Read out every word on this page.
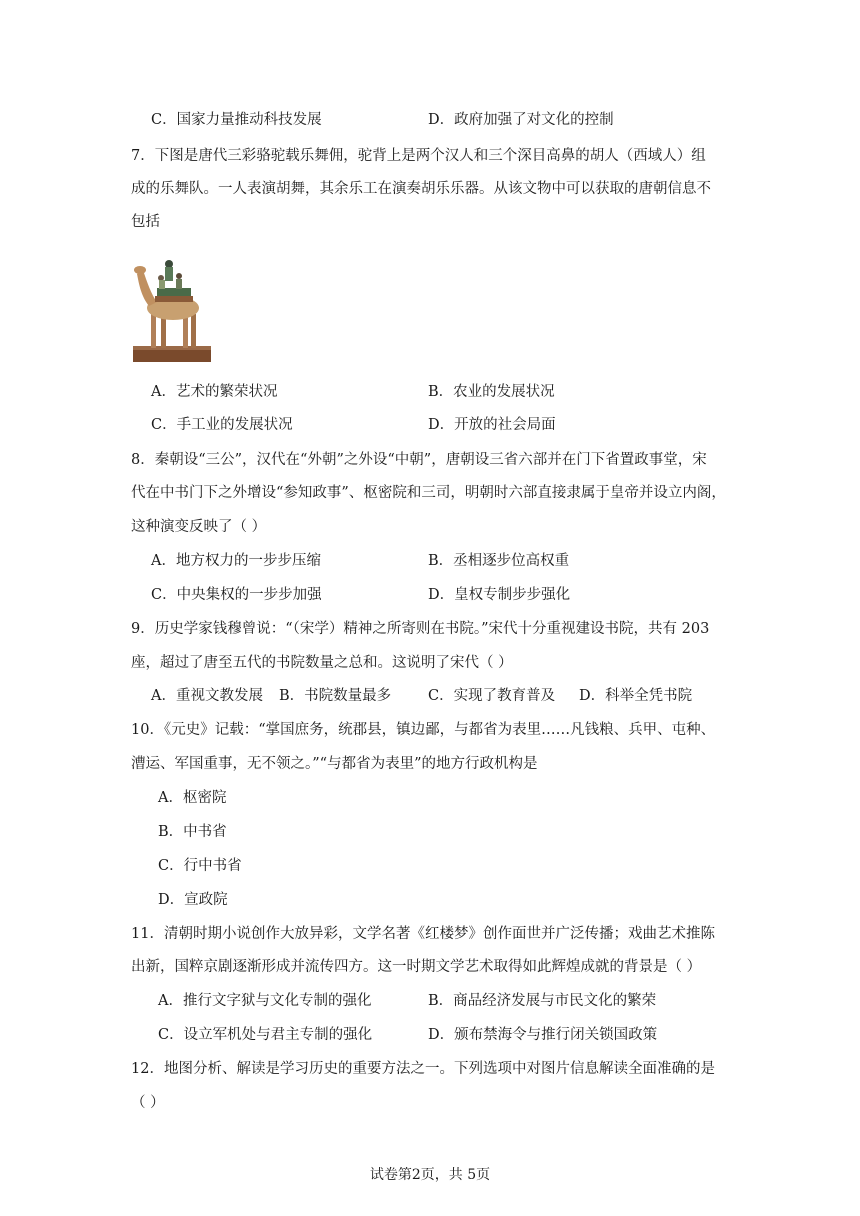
C．国家力量推动科技发展	D．政府加强了对文化的控制
7．下图是唐代三彩骆驼载乐舞佣，驼背上是两个汉人和三个深目高鼻的胡人（西域人）组
成的乐舞队。一人表演胡舞，其余乐工在演奏胡乐乐器。从该文物中可以获取的唐朝信息不
包括
A．艺术的繁荣状况	B．农业的发展状况
C．手工业的发展状况	D．开放的社会局面
8．秦朝设“三公”，汉代在“外朝”之外设“中朝”，唐朝设三省六部并在门下省置政事堂，宋
代在中书门下之外增设“参知政事”、枢密院和三司，明朝时六部直接隶属于皇帝并设立内阁，
这种演变反映了（ ）
A．地方权力的一步步压缩	B．丞相逐步位高权重
C．中央集权的一步步加强	D．皇权专制步步强化
9．历史学家钱穆曾说：“（宋学）精神之所寄则在书院。”宋代十分重视建设书院，共有 203
座，超过了唐至五代的书院数量之总和。这说明了宋代（ ）
A．重视文教发展 B．书院数量最多	C．实现了教育普及 D．科举全凭书院
10．《元史》记载：“掌国庶务，统郡县，镇边鄙，与都省为表里……凡钱粮、兵甲、屯种、
漕运、军国重事，无不领之。”“与都省为表里”的地方行政机构是
A．枢密院
B．中书省
C．行中书省
D．宣政院
11．清朝时期小说创作大放异彩，文学名著《红楼梦》创作面世并广泛传播；戏曲艺术推陈
出新，国粹京剧逐渐形成并流传四方。这一时期文学艺术取得如此辉煌成就的背景是（ ）
A．推行文字狱与文化专制的强化	B．商品经济发展与市民文化的繁荣
C．设立军机处与君主专制的强化	D．颁布禁海令与推行闭关锁国政策
12．地图分析、解读是学习历史的重要方法之一。下列选项中对图片信息解读全面准确的是
（ ）
试卷第2页，共 5页
